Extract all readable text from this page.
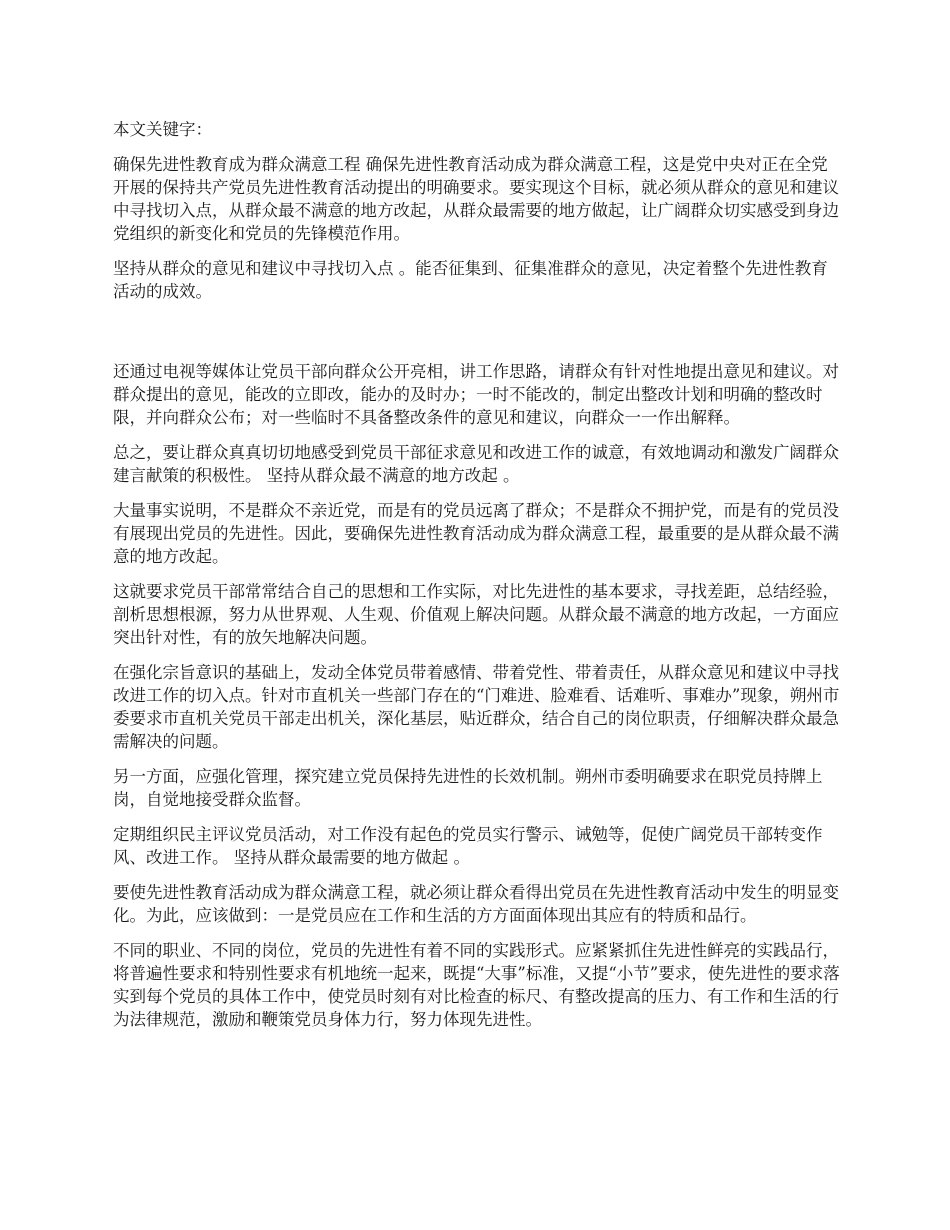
本文关键字：

确保先进性教育成为群众满意工程 确保先进性教育活动成为群众满意工程，这是党中央对正在全党开展的保持共产党员先进性教育活动提出的明确要求。要实现这个目标，就必须从群众的意见和建议中寻找切入点，从群众最不满意的地方改起，从群众最需要的地方做起，让广阔群众切实感受到身边党组织的新变化和党员的先锋模范作用。

坚持从群众的意见和建议中寻找切入点 。能否征集到、征集准群众的意见，决定着整个先进性教育活动的成效。

还通过电视等媒体让党员干部向群众公开亮相，讲工作思路，请群众有针对性地提出意见和建议。对群众提出的意见，能改的立即改，能办的及时办；一时不能改的，制定出整改计划和明确的整改时限，并向群众公布；对一些临时不具备整改条件的意见和建议，向群众一一作出解释。

总之，要让群众真真切切地感受到党员干部征求意见和改进工作的诚意，有效地调动和激发广阔群众建言献策的积极性。 坚持从群众最不满意的地方改起 。

大量事实说明，不是群众不亲近党，而是有的党员远离了群众；不是群众不拥护党，而是有的党员没有展现出党员的先进性。因此，要确保先进性教育活动成为群众满意工程，最重要的是从群众最不满意的地方改起。

这就要求党员干部常常结合自己的思想和工作实际，对比先进性的基本要求，寻找差距，总结经验，剖析思想根源，努力从世界观、人生观、价值观上解决问题。从群众最不满意的地方改起，一方面应突出针对性，有的放矢地解决问题。

在强化宗旨意识的基础上，发动全体党员带着感情、带着党性、带着责任，从群众意见和建议中寻找改进工作的切入点。针对市直机关一些部门存在的“门难进、脸难看、话难听、事难办”现象，朔州市委要求市直机关党员干部走出机关，深化基层，贴近群众，结合自己的岗位职责，仔细解决群众最急需解决的问题。

另一方面，应强化管理，探究建立党员保持先进性的长效机制。朔州市委明确要求在职党员持牌上岗，自觉地接受群众监督。

定期组织民主评议党员活动，对工作没有起色的党员实行警示、诫勉等，促使广阔党员干部转变作风、改进工作。 坚持从群众最需要的地方做起 。

要使先进性教育活动成为群众满意工程，就必须让群众看得出党员在先进性教育活动中发生的明显变化。为此，应该做到：一是党员应在工作和生活的方方面面体现出其应有的特质和品行。

不同的职业、不同的岗位，党员的先进性有着不同的实践形式。应紧紧抓住先进性鲜亮的实践品行，将普遍性要求和特别性要求有机地统一起来，既提“大事”标准，又提“小节”要求，使先进性的要求落实到每个党员的具体工作中，使党员时刻有对比检查的标尺、有整改提高的压力、有工作和生活的行为法律规范，激励和鞭策党员身体力行，努力体现先进性。
